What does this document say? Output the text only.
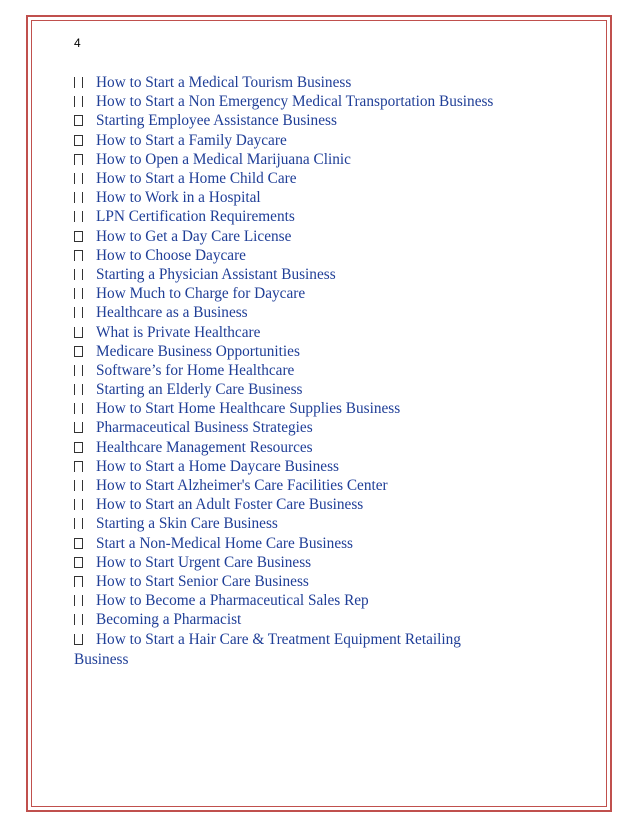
4
How to Start a Medical Tourism Business
How to Start a Non Emergency Medical Transportation Business
Starting Employee Assistance Business
How to Start a Family Daycare
How to Open a Medical Marijuana Clinic
How to Start a Home Child Care
How to Work in a Hospital
LPN Certification Requirements
How to Get a Day Care License
How to Choose Daycare
Starting a Physician Assistant Business
How Much to Charge for Daycare
Healthcare as a Business
What is Private Healthcare
Medicare Business Opportunities
Software’s for Home Healthcare
Starting an Elderly Care Business
How to Start Home Healthcare Supplies Business
Pharmaceutical Business Strategies
Healthcare Management Resources
How to Start a Home Daycare Business
How to Start Alzheimer's Care Facilities Center
How to Start an Adult Foster Care Business
Starting a Skin Care Business
Start a Non-Medical Home Care Business
How to Start Urgent Care Business
How to Start Senior Care Business
How to Become a Pharmaceutical Sales Rep
Becoming a Pharmacist
How to Start a Hair Care & Treatment Equipment Retailing
Business
